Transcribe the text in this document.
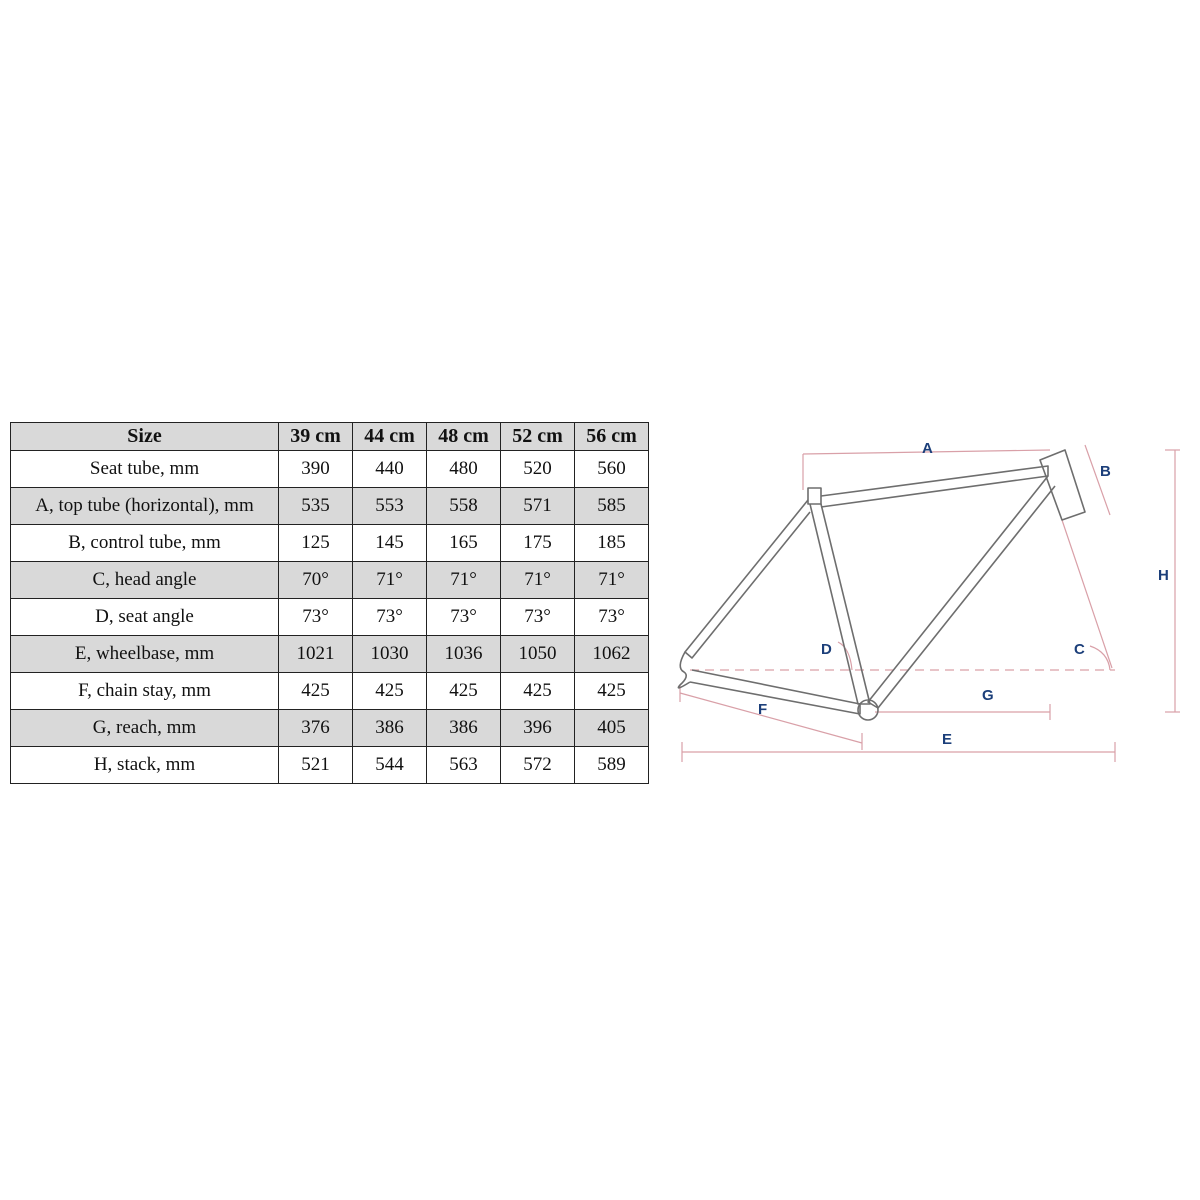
Size	39 cm	44 cm	48 cm	52 cm	56 cm
Seat tube, mm	390	440	480	520	560
A, top tube (horizontal), mm	535	553	558	571	585
B, control tube, mm	125	145	165	175	185
C, head angle	70°	71°	71°	71°	71°
D, seat angle	73°	73°	73°	73°	73°
E, wheelbase, mm	1021	1030	1036	1050	1062
F, chain stay, mm	425	425	425	425	425
G, reach, mm	376	386	386	396	405
H, stack, mm	521	544	563	572	589
A
B
H
D	C
G
F
E
